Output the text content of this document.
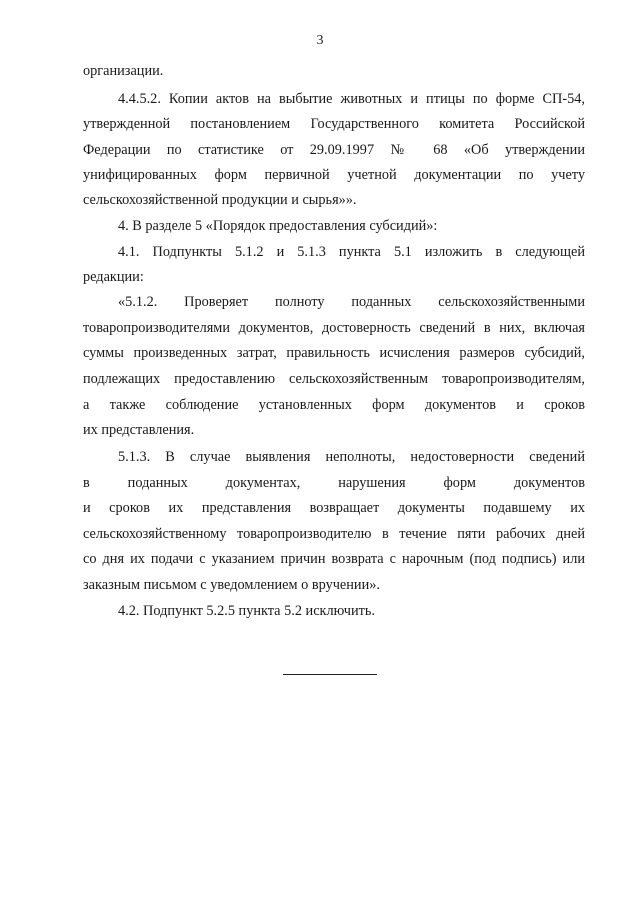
3
организации.
4.4.5.2. Копии актов на выбытие животных и птицы по форме СП-54,
утвержденной постановлением Государственного комитета Российской
Федерации по статистике от 29.09.1997 № 68 «Об утверждении
унифицированных форм первичной учетной документации по учету
сельскохозяйственной продукции и сырья»».
4. В разделе 5 «Порядок предоставления субсидий»:
4.1. Подпункты 5.1.2 и 5.1.3 пункта 5.1 изложить в следующей
редакции:
«5.1.2. Проверяет полноту поданных сельскохозяйственными
товаропроизводителями документов, достоверность сведений в них, включая
суммы произведенных затрат, правильность исчисления размеров субсидий,
подлежащих предоставлению сельскохозяйственным товаропроизводителям,
а также соблюдение установленных форм документов и сроков
их представления.
5.1.3. В случае выявления неполноты, недостоверности сведений
в поданных документах, нарушения форм документов
и сроков их представления возвращает документы подавшему их
сельскохозяйственному товаропроизводителю в течение пяти рабочих дней
со дня их подачи с указанием причин возврата с нарочным (под подпись) или
заказным письмом с уведомлением о вручении».
4.2. Подпункт 5.2.5 пункта 5.2 исключить.
